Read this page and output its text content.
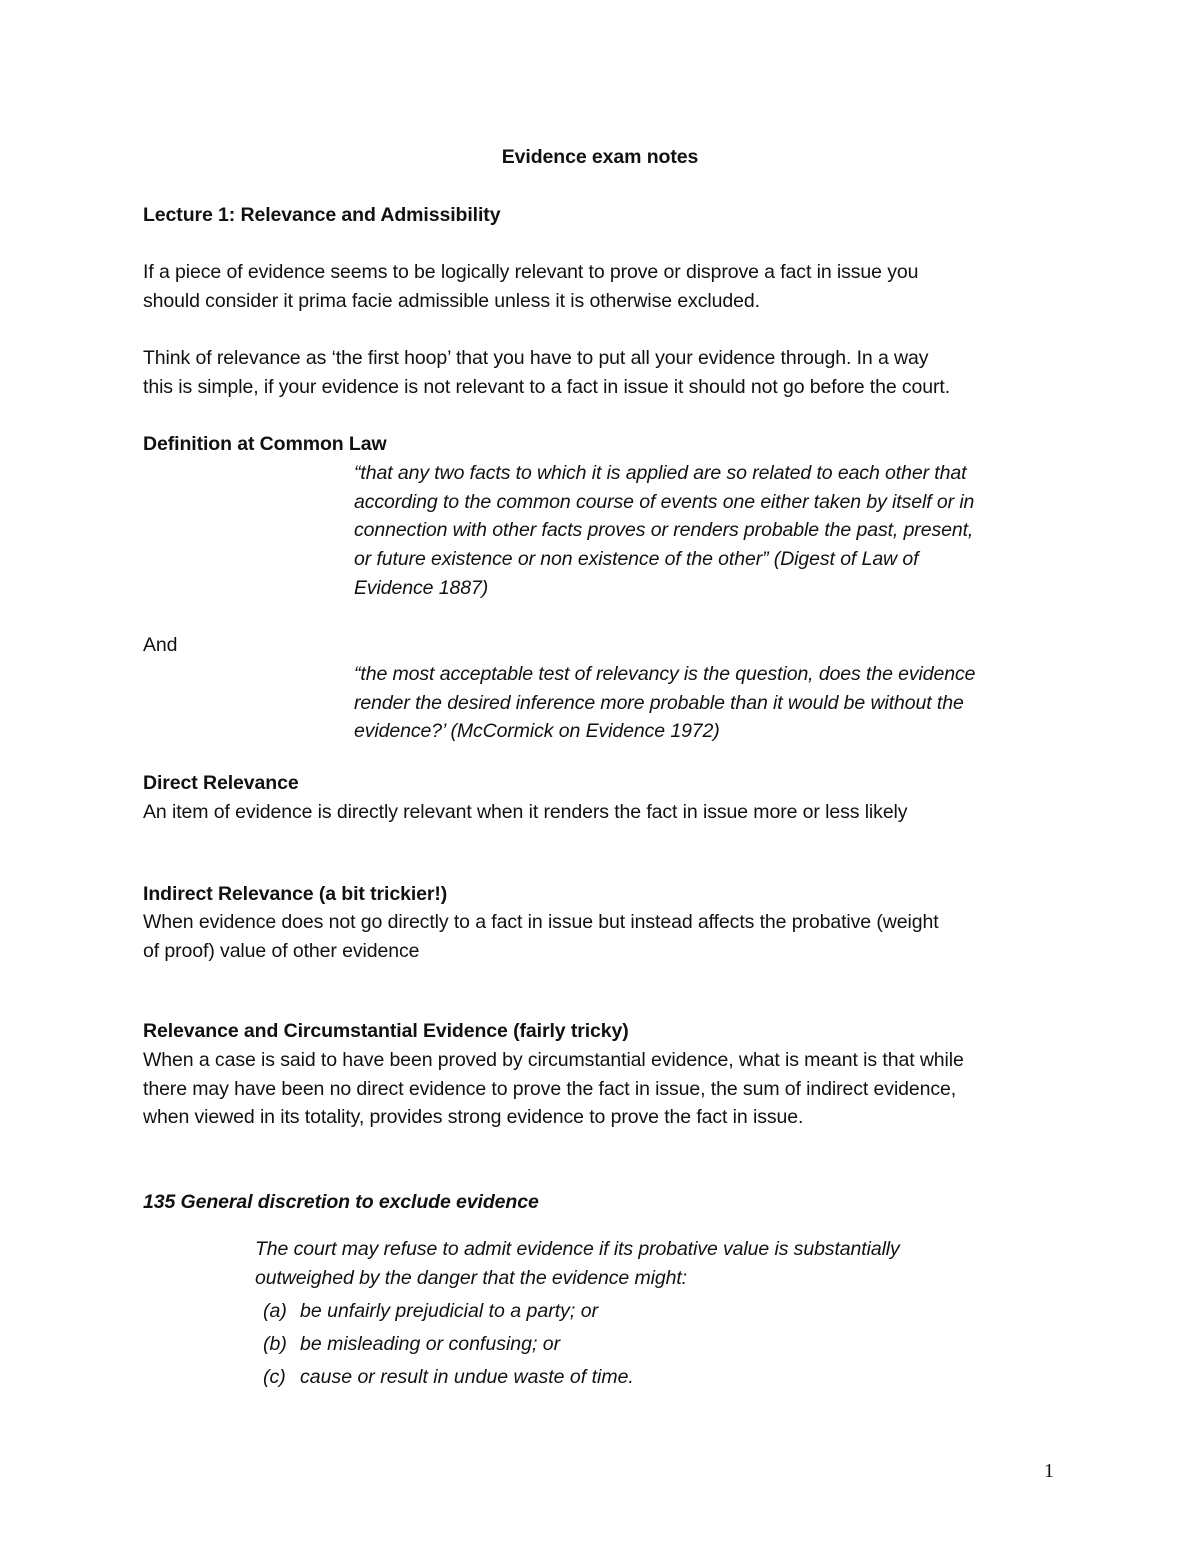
Evidence exam notes
Lecture 1: Relevance and Admissibility
If a piece of evidence seems to be logically relevant to prove or disprove a fact in issue you
should consider it prima facie admissible unless it is otherwise excluded.
Think of relevance as ‘the first hoop’ that you have to put all your evidence through. In a way
this is simple, if your evidence is not relevant to a fact in issue it should not go before the court.
Definition at Common Law
“that any two facts to which it is applied are so related to each other that
according to the common course of events one either taken by itself or in
connection with other facts proves or renders probable the past, present,
or future existence or non existence of the other” (Digest of Law of
Evidence 1887)
And
“the most acceptable test of relevancy is the question, does the evidence
render the desired inference more probable than it would be without the
evidence?’ (McCormick on Evidence 1972)
Direct Relevance
An item of evidence is directly relevant when it renders the fact in issue more or less likely
Indirect Relevance (a bit trickier!)
When evidence does not go directly to a fact in issue but instead affects the probative (weight
of proof) value of other evidence
Relevance and Circumstantial Evidence (fairly tricky)
When a case is said to have been proved by circumstantial evidence, what is meant is that while
there may have been no direct evidence to prove the fact in issue, the sum of indirect evidence,
when viewed in its totality, provides strong evidence to prove the fact in issue.
135 General discretion to exclude evidence
The court may refuse to admit evidence if its probative value is substantially
outweighed by the danger that the evidence might:
(a) be unfairly prejudicial to a party; or
(b) be misleading or confusing; or
(c) cause or result in undue waste of time.
1
